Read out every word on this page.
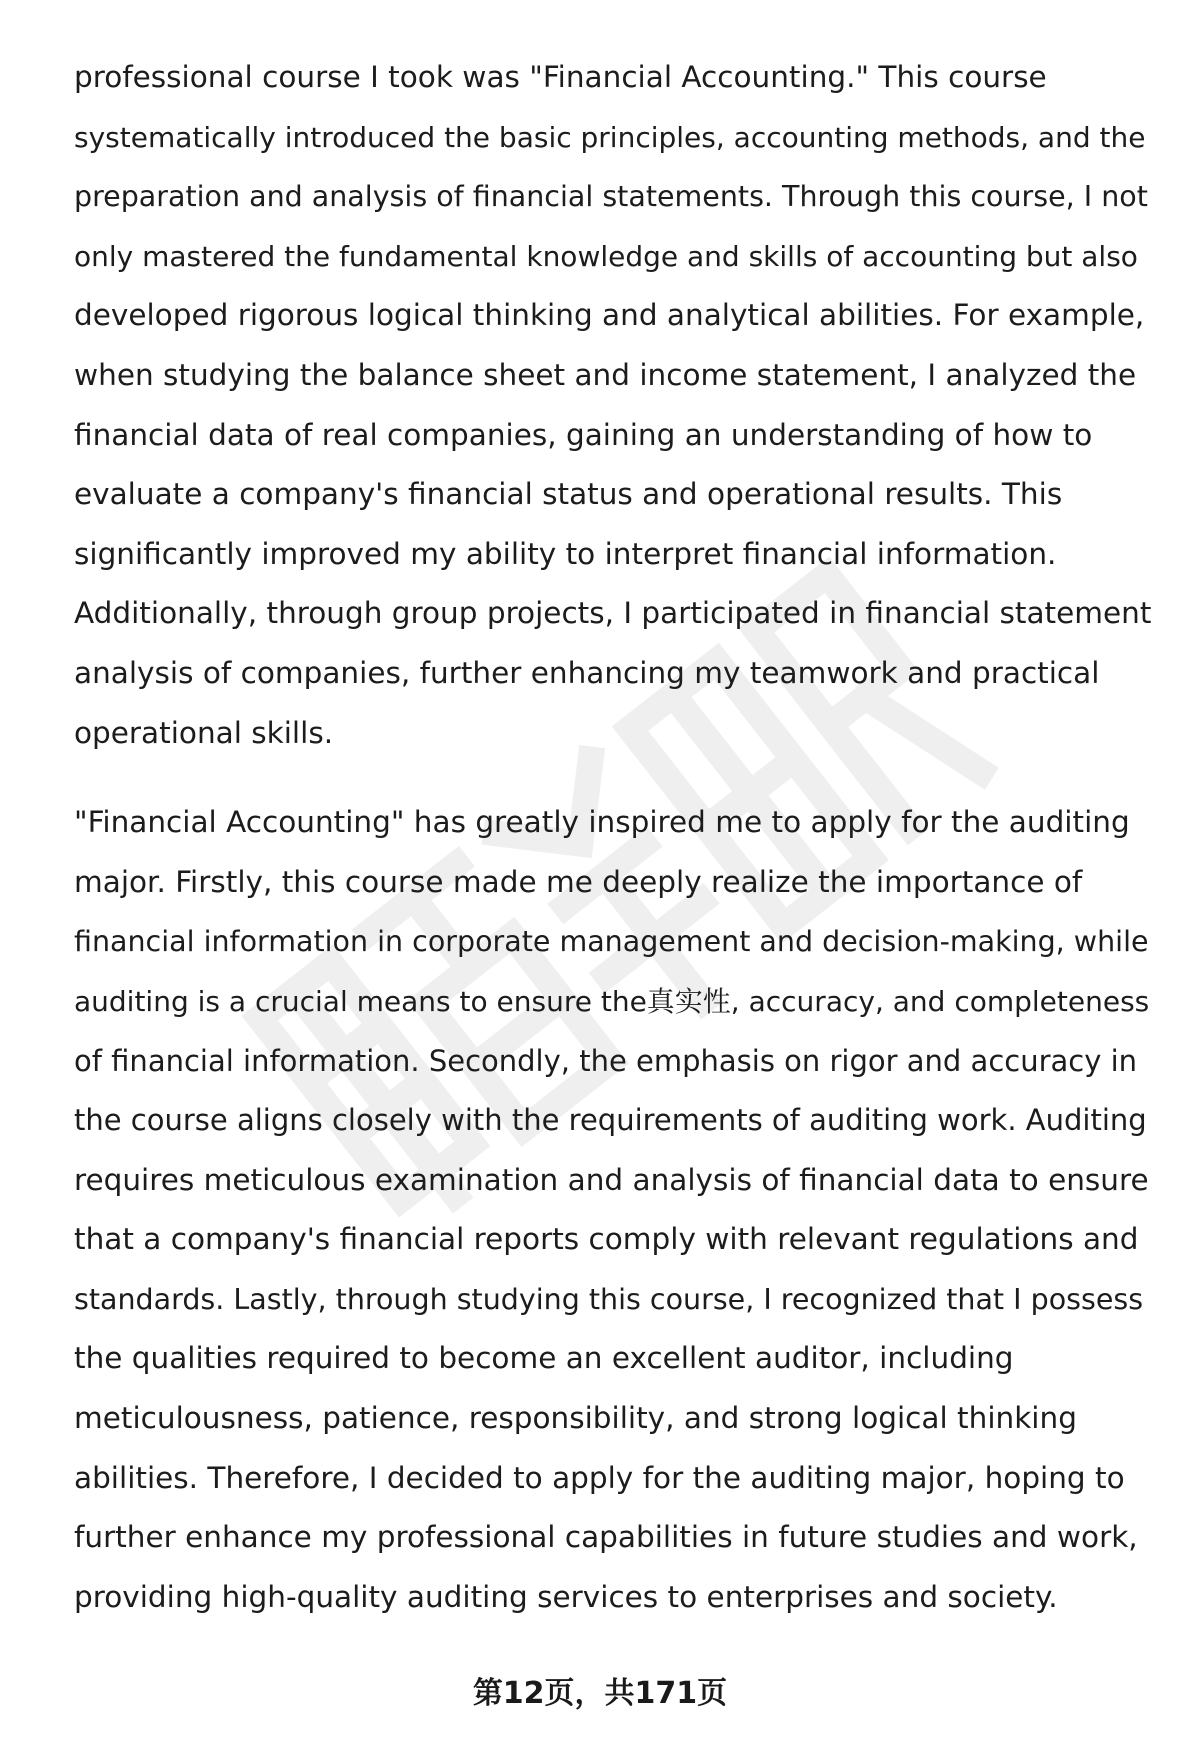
professional course I took was "Financial Accounting." This course
systematically introduced the basic principles, accounting methods, and the
preparation and analysis of financial statements. Through this course, I not
only mastered the fundamental knowledge and skills of accounting but also
developed rigorous logical thinking and analytical abilities. For example,
when studying the balance sheet and income statement, I analyzed the
financial data of real companies, gaining an understanding of how to
evaluate a company's financial status and operational results. This
significantly improved my ability to interpret financial information.
Additionally, through group projects, I participated in financial statement
analysis of companies, further enhancing my teamwork and practical
operational skills.

"Financial Accounting" has greatly inspired me to apply for the auditing
major. Firstly, this course made me deeply realize the importance of
financial information in corporate management and decision-making, while
auditing is a crucial means to ensure the真实性, accuracy, and completeness
of financial information. Secondly, the emphasis on rigor and accuracy in
the course aligns closely with the requirements of auditing work. Auditing
requires meticulous examination and analysis of financial data to ensure
that a company's financial reports comply with relevant regulations and
standards. Lastly, through studying this course, I recognized that I possess
the qualities required to become an excellent auditor, including
meticulousness, patience, responsibility, and strong logical thinking
abilities. Therefore, I decided to apply for the auditing major, hoping to
further enhance my professional capabilities in future studies and work,
providing high-quality auditing services to enterprises and society.

第12页，共171页
